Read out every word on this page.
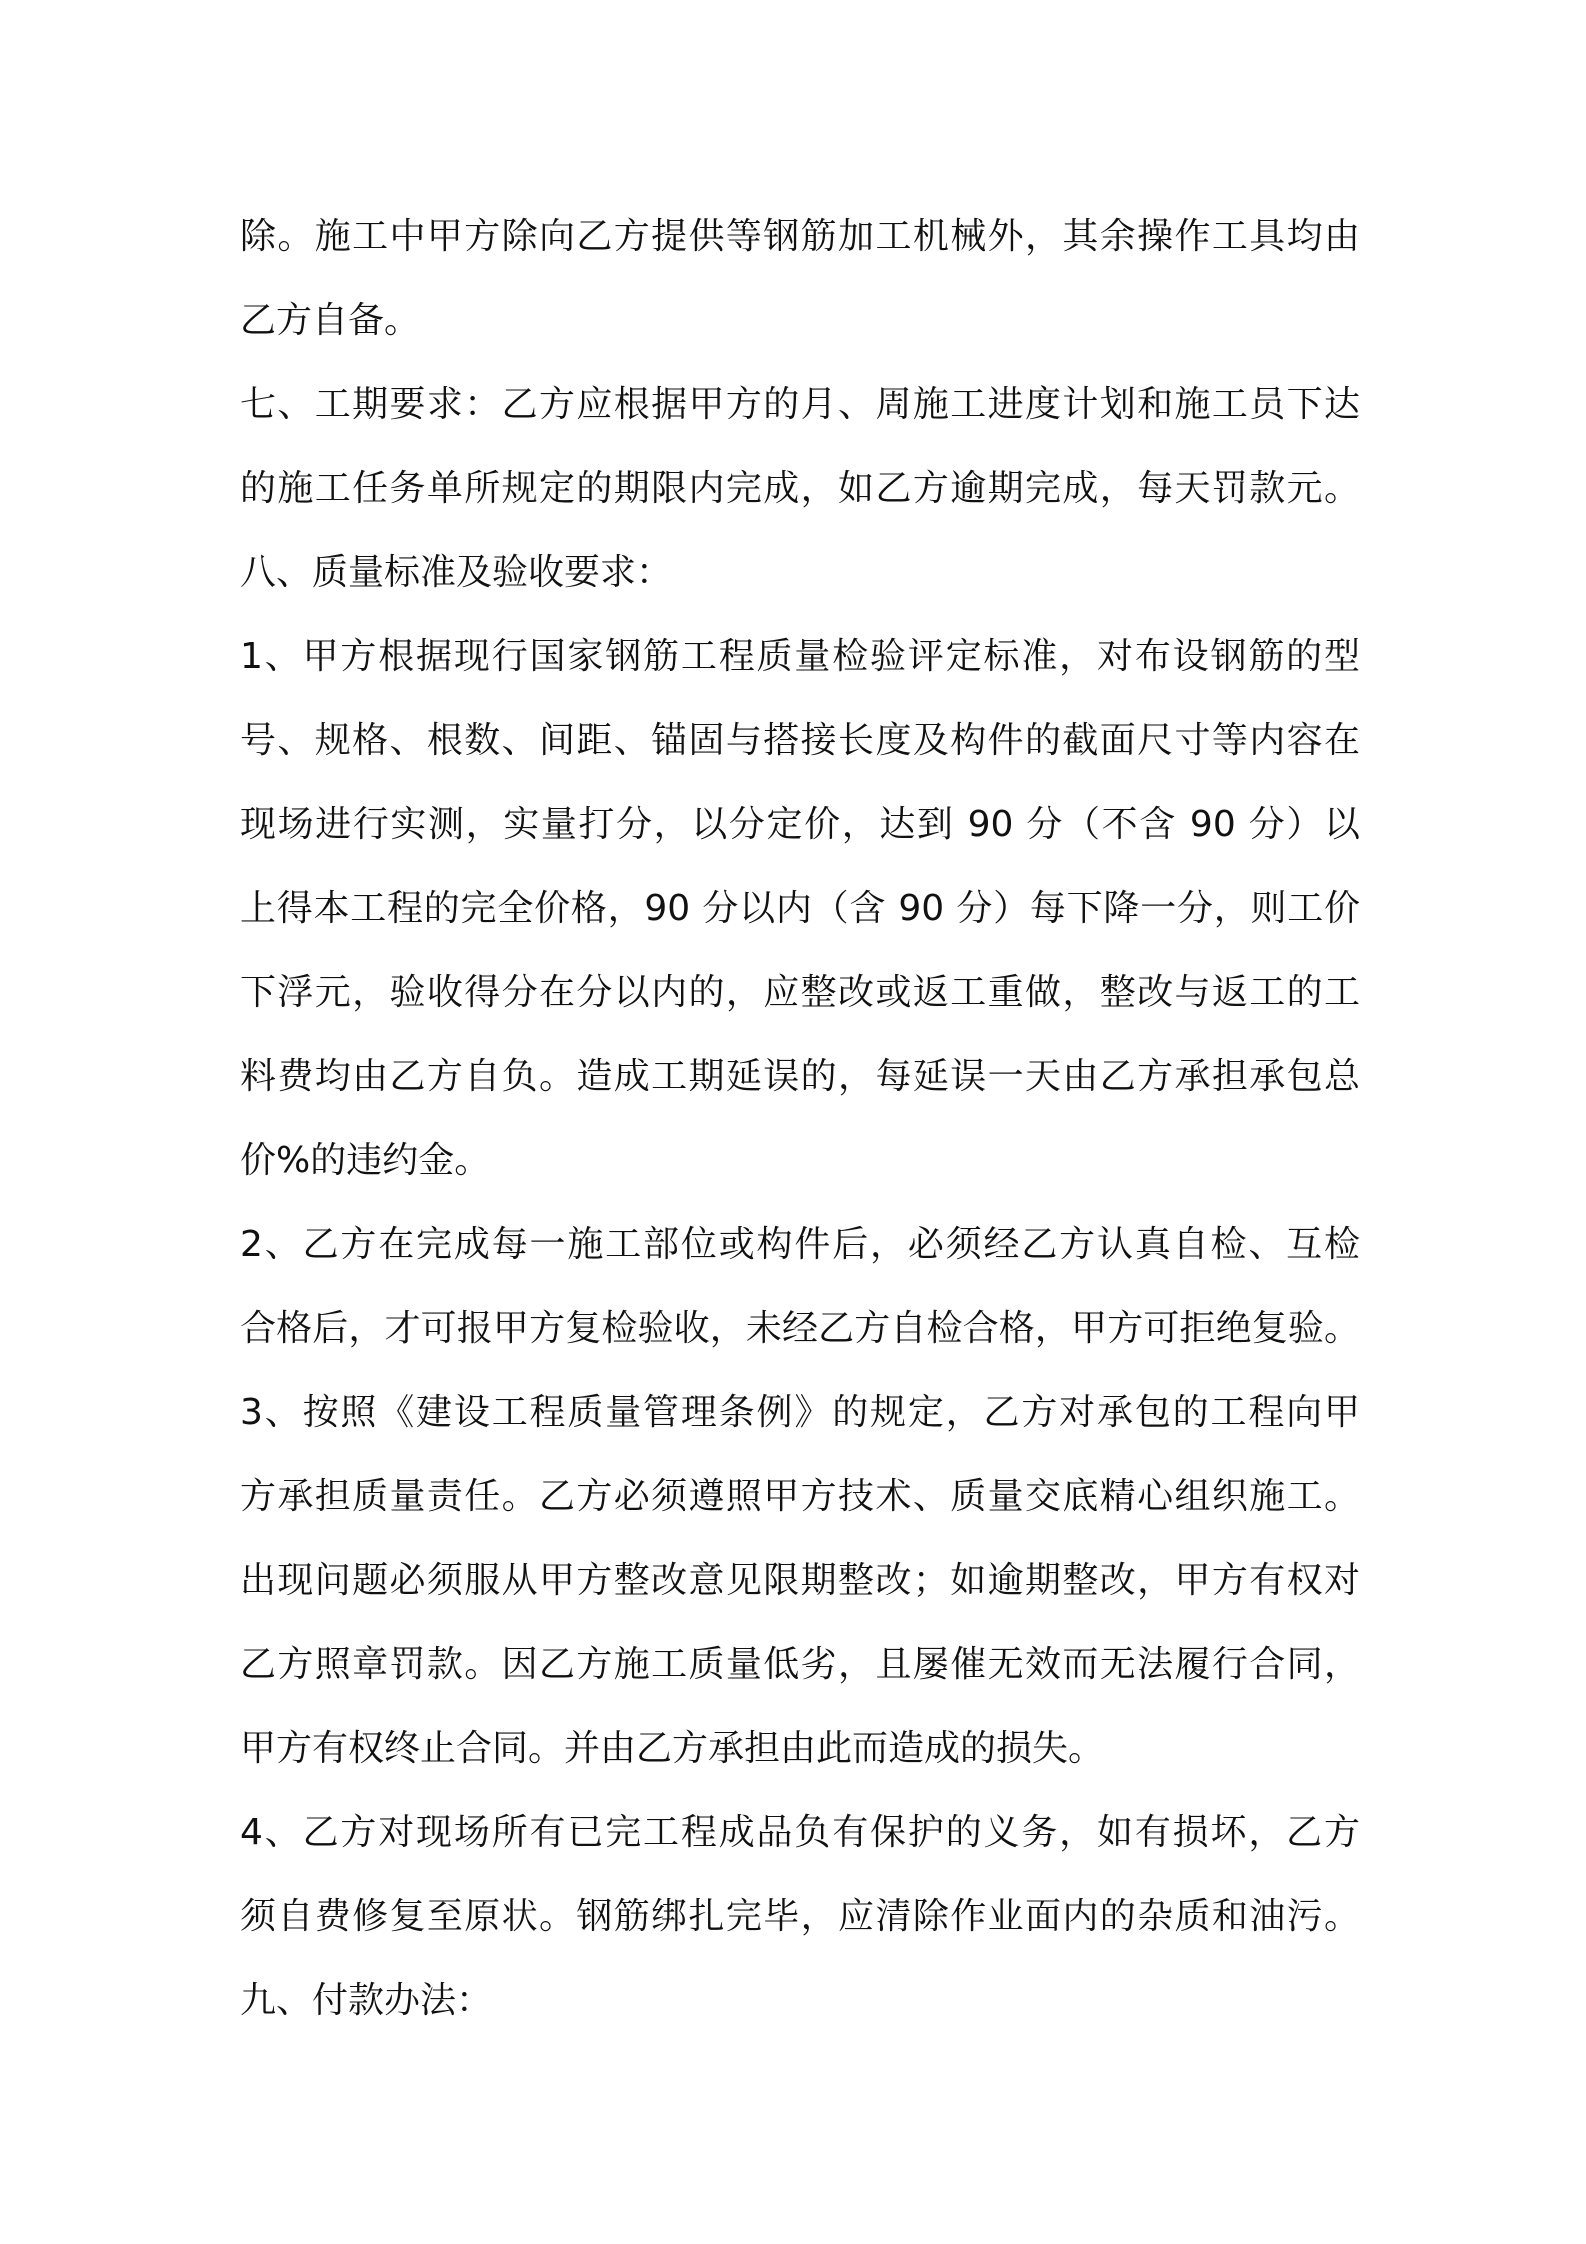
除。施工中甲方除向乙方提供等钢筋加工机械外，其余操作工具均由
乙方自备。
七、工期要求：乙方应根据甲方的月、周施工进度计划和施工员下达
的施工任务单所规定的期限内完成，如乙方逾期完成，每天罚款元。
八、质量标准及验收要求：
1、甲方根据现行国家钢筋工程质量检验评定标准，对布设钢筋的型
号、规格、根数、间距、锚固与搭接长度及构件的截面尺寸等内容在
现场进行实测，实量打分，以分定价，达到 90 分（不含 90 分）以
上得本工程的完全价格，90 分以内（含 90 分）每下降一分，则工价
下浮元，验收得分在分以内的，应整改或返工重做，整改与返工的工
料费均由乙方自负。造成工期延误的，每延误一天由乙方承担承包总
价%的违约金。
2、乙方在完成每一施工部位或构件后，必须经乙方认真自检、互检
合格后，才可报甲方复检验收，未经乙方自检合格，甲方可拒绝复验。
3、按照《建设工程质量管理条例》的规定，乙方对承包的工程向甲
方承担质量责任。乙方必须遵照甲方技术、质量交底精心组织施工。
出现问题必须服从甲方整改意见限期整改；如逾期整改，甲方有权对
乙方照章罚款。因乙方施工质量低劣，且屡催无效而无法履行合同，
甲方有权终止合同。并由乙方承担由此而造成的损失。
4、乙方对现场所有已完工程成品负有保护的义务，如有损坏，乙方
须自费修复至原状。钢筋绑扎完毕，应清除作业面内的杂质和油污。
九、付款办法：
